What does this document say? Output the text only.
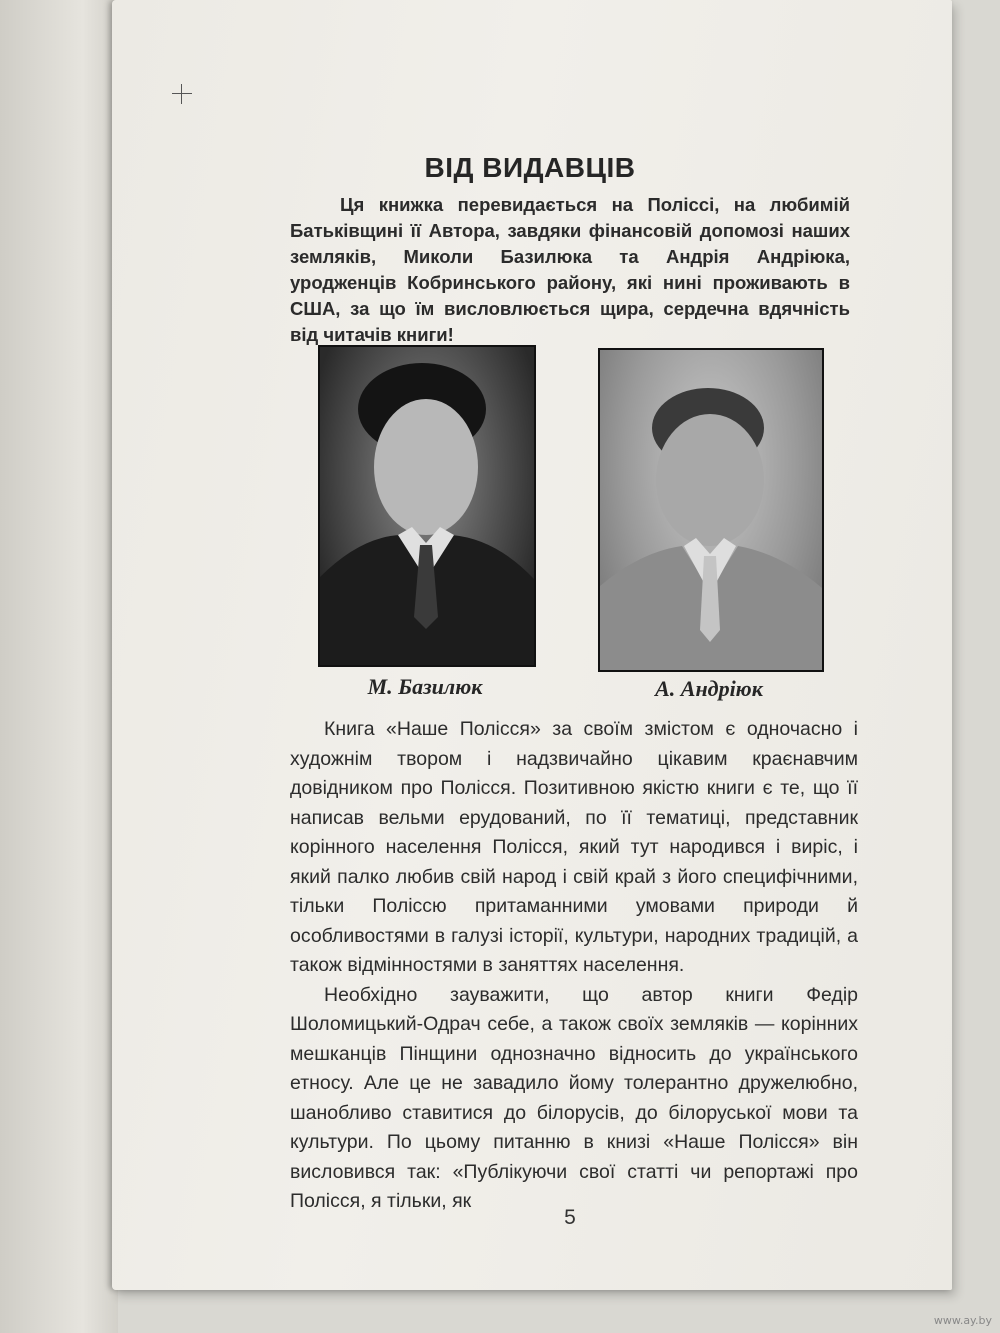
ВІД ВИДАВЦІВ
Ця книжка перевидається на Поліссі, на любимій Батьківщині її Автора, завдяки фінансовій допомозі наших земляків, Миколи Базилюка та Андрія Андріюка, уродженців Кобринського району, які нині проживають в США, за що їм висловлюється щира, сердечна вдячність від читачів книги!
М. Базилюк	А. Андріюк

Книга «Наше Полісся» за своїм змістом є одночасно і художнім твором і надзвичайно цікавим краєнавчим довідником про Полісся. Позитивною якістю книги є те, що її написав вельми ерудований, по її тематиці, представник корінного населення Полісся, який тут народився і виріс, і який палко любив свій народ і свій край з його специфічними, тільки Поліссю притаманними умовами природи й особливостями в галузі історії, культури, народних традицій, а також відмінностями в заняттях населення.

Необхідно зауважити, що автор книги Федір Шоломицький-Одрач себе, а також своїх земляків — корінних мешканців Пінщини однозначно відносить до українського етносу. Але це не завадило йому толерантно дружелюбно, шанобливо ставитися до білорусів, до білоруської мови та культури. По цьому питанню в книзі «Наше Полісся» він висловився так: «Публікуючи свої статті чи репортажі про Полісся, я тільки, як

5
www.ay.by
